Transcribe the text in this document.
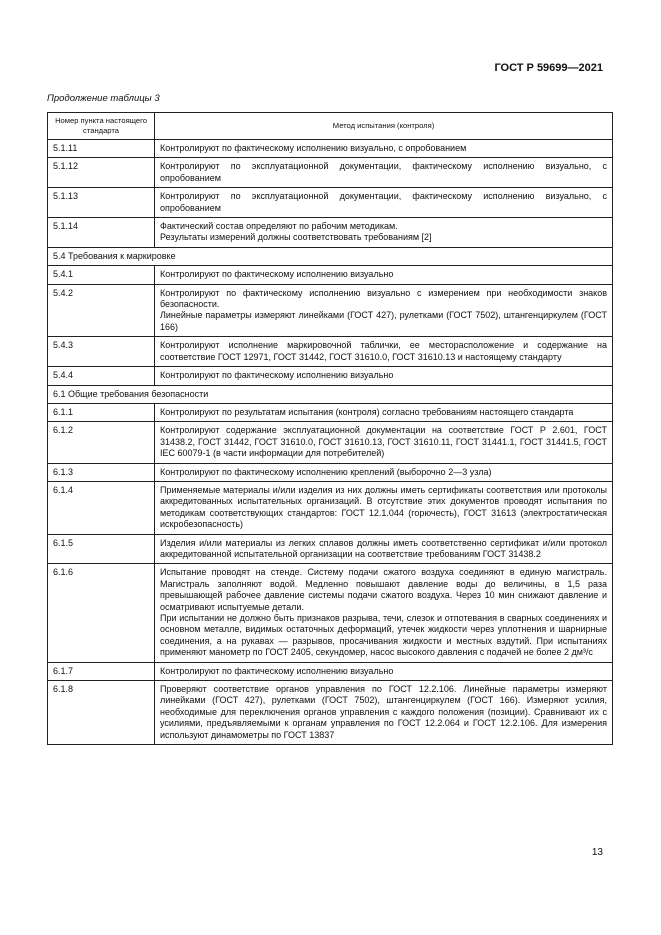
ГОСТ Р 59699—2021
Продолжение таблицы 3
Номер пункта настоящего стандарта	Метод испытания (контроля)
5.1.11	Контролируют по фактическому исполнению визуально, с опробованием

5.1.12	Контролируют по эксплуатационной документации, фактическому исполнению визуально, с опробованием

5.1.13	Контролируют по эксплуатационной документации, фактическому исполнению визуально, с опробованием

5.1.14	Фактический состав определяют по рабочим методикам.
Результаты измерений должны соответствовать требованиям [2]

5.4 Требования к маркировке	
5.4.1	Контролируют по фактическому исполнению визуально

5.4.2	Контролируют по фактическому исполнению визуально с измерением при необходимости знаков безопасности.
Линейные параметры измеряют линейками (ГОСТ 427), рулетками (ГОСТ 7502), штангенциркулем (ГОСТ 166)

5.4.3	Контролируют исполнение маркировочной таблички, ее месторасположение и содержание на соответствие ГОСТ 12971, ГОСТ 31442, ГОСТ 31610.0, ГОСТ 31610.13 и настоящему стандарту

5.4.4	Контролируют по фактическому исполнению визуально

6.1 Общие требования безопасности	
6.1.1	Контролируют по результатам испытания (контроля) согласно требованиям настоящего стандарта

6.1.2	Контролируют содержание эксплуатационной документации на соответствие ГОСТ Р 2.601, ГОСТ 31438.2, ГОСТ 31442, ГОСТ 31610.0, ГОСТ 31610.13, ГОСТ 31610.11, ГОСТ 31441.1, ГОСТ 31441.5, ГОСТ IEC 60079-1 (в части информации для потребителей)

6.1.3	Контролируют по фактическому исполнению креплений (выборочно 2—3 узла)

6.1.4	Применяемые материалы и/или изделия из них должны иметь сертификаты соответствия или протоколы аккредитованных испытательных организаций. В отсутствие этих документов проводят испытания по методикам соответствующих стандартов: ГОСТ 12.1.044 (горючесть), ГОСТ 31613 (электростатическая искробезопасность)

6.1.5	Изделия и/или материалы из легких сплавов должны иметь соответственно сертификат и/или протокол аккредитованной испытательной организации на соответствие требованиям ГОСТ 31438.2

6.1.6	Испытание проводят на стенде. Систему подачи сжатого воздуха соединяют в единую магистраль. Магистраль заполняют водой. Медленно повышают давление воды до величины, в 1,5 раза превышающей рабочее давление системы подачи сжатого воздуха. Через 10 мин снижают давление и осматривают испытуемые детали.
При испытании не должно быть признаков разрыва, течи, слезок и отпотевания в сварных соединениях и основном металле, видимых остаточных деформаций, утечек жидкости через уплотнения и шарнирные соединения, а на рукавах — разрывов, просачивания жидкости и местных вздутий. При испытаниях применяют манометр по ГОСТ 2405, секундомер, насос высокого давления с подачей не более 2 дм³/с

6.1.7	Контролируют по фактическому исполнению визуально

6.1.8	Проверяют соответствие органов управления по ГОСТ 12.2.106. Линейные параметры измеряют линейками (ГОСТ 427), рулетками (ГОСТ 7502), штангенциркулем (ГОСТ 166). Измеряют усилия, необходимые для переключения органов управления с каждого положения (позиции). Сравнивают их с усилиями, предъявляемыми к органам управления по ГОСТ 12.2.064 и ГОСТ 12.2.106. Для измерения используют динамометры по ГОСТ 13837
13
